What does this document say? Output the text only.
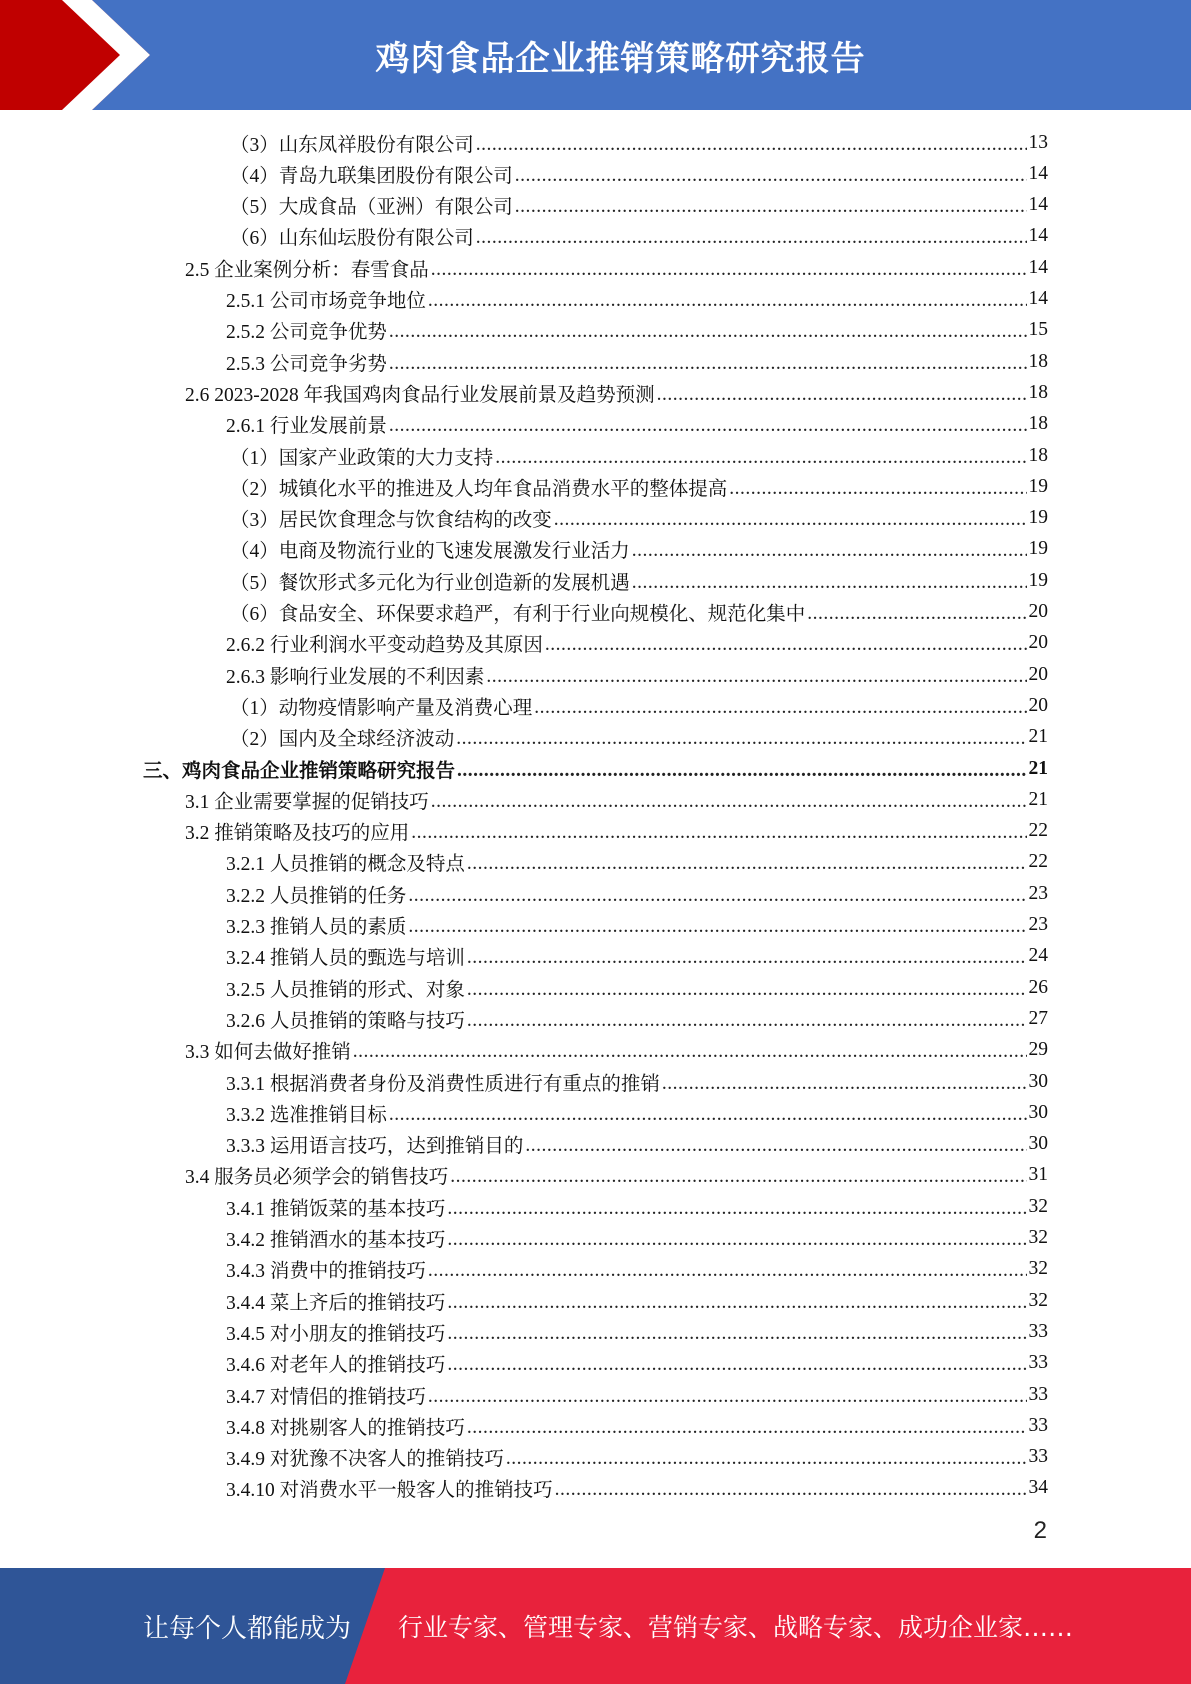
鸡肉食品企业推销策略研究报告
（3）山东凤祥股份有限公司 .....	13
（4）青岛九联集团股份有限公司 .....	14
（5）大成食品（亚洲）有限公司 .....	14
（6）山东仙坛股份有限公司 .....	14
2.5 企业案例分析：春雪食品 .....	14
2.5.1 公司市场竞争地位 .....	14
2.5.2 公司竞争优势 .....	15
2.5.3 公司竞争劣势 .....	18
2.6 2023-2028 年我国鸡肉食品行业发展前景及趋势预测 .....	18
2.6.1 行业发展前景 .....	18
（1）国家产业政策的大力支持 .....	18
（2）城镇化水平的推进及人均年食品消费水平的整体提高 .....	19
（3）居民饮食理念与饮食结构的改变 .....	19
（4）电商及物流行业的飞速发展激发行业活力 .....	19
（5）餐饮形式多元化为行业创造新的发展机遇 .....	19
（6）食品安全、环保要求趋严，有利于行业向规模化、规范化集中 .....	20
2.6.2 行业利润水平变动趋势及其原因 .....	20
2.6.3 影响行业发展的不利因素 .....	20
（1）动物疫情影响产量及消费心理 .....	20
（2）国内及全球经济波动 .....	21
三、鸡肉食品企业推销策略研究报告 .....	21
3.1 企业需要掌握的促销技巧 .....	21
3.2 推销策略及技巧的应用 .....	22
3.2.1 人员推销的概念及特点 .....	22
3.2.2 人员推销的任务 .....	23
3.2.3 推销人员的素质 .....	23
3.2.4 推销人员的甄选与培训 .....	24
3.2.5 人员推销的形式、对象 .....	26
3.2.6 人员推销的策略与技巧 .....	27
3.3 如何去做好推销 .....	29
3.3.1 根据消费者身份及消费性质进行有重点的推销 .....	30
3.3.2 选准推销目标 .....	30
3.3.3 运用语言技巧，达到推销目的 .....	30
3.4 服务员必须学会的销售技巧 .....	31
3.4.1 推销饭菜的基本技巧 .....	32
3.4.2 推销酒水的基本技巧 .....	32
3.4.3 消费中的推销技巧 .....	32
3.4.4 菜上齐后的推销技巧 .....	32
3.4.5 对小朋友的推销技巧 .....	33
3.4.6 对老年人的推销技巧 .....	33
3.4.7 对情侣的推销技巧 .....	33
3.4.8 对挑剔客人的推销技巧 .....	33
3.4.9 对犹豫不决客人的推销技巧 .....	33
3.4.10 对消费水平一般客人的推销技巧 .....	34
2
让每个人都能成为 行业专家、管理专家、营销专家、战略专家、成功企业家……
